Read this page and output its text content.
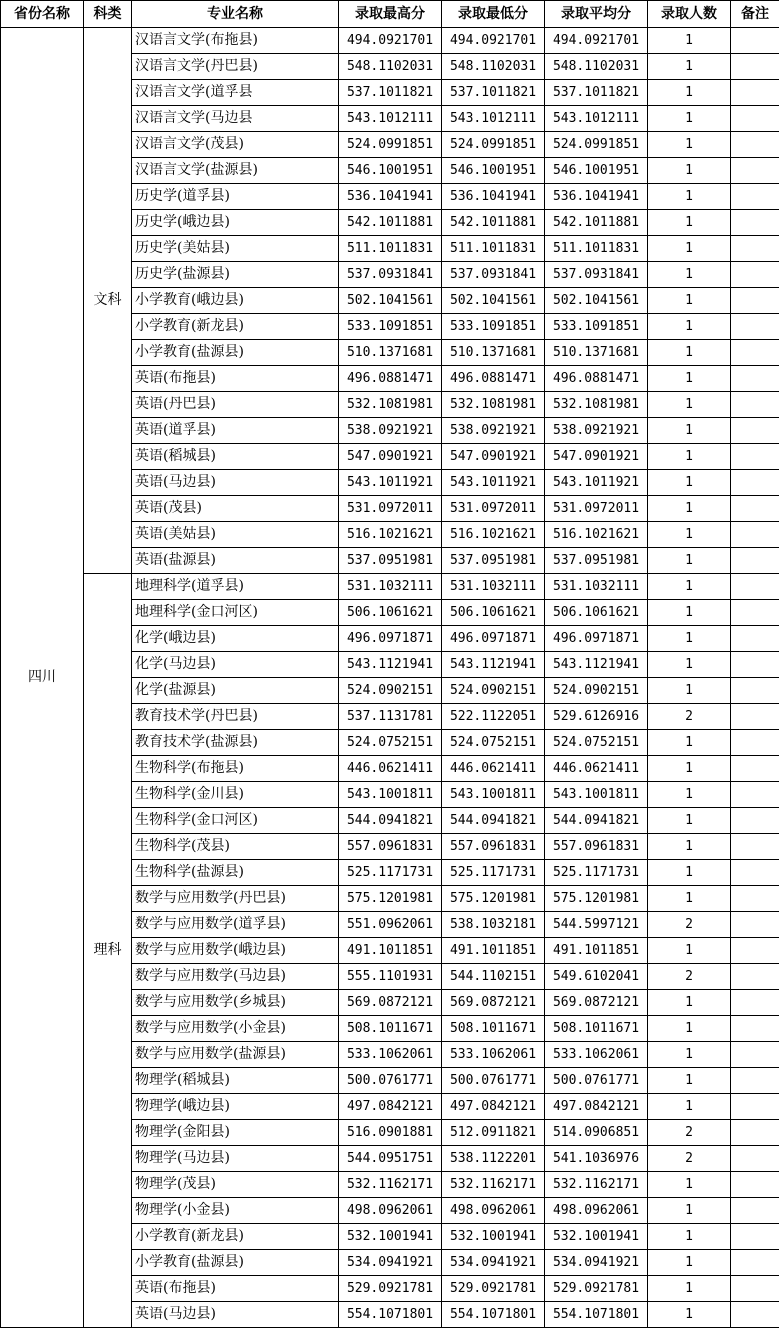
省份名称	科类	专业名称	录取最高分	录取最低分	录取平均分	录取人数	备注
四川	文科	汉语言文学(布拖县)	494.0921701	494.0921701	494.0921701	1	
		汉语言文学(丹巴县)	548.1102031	548.1102031	548.1102031	1	
		汉语言文学(道孚县	537.1011821	537.1011821	537.1011821	1	
		汉语言文学(马边县	543.1012111	543.1012111	543.1012111	1	
		汉语言文学(茂县)	524.0991851	524.0991851	524.0991851	1	
		汉语言文学(盐源县)	546.1001951	546.1001951	546.1001951	1	
		历史学(道孚县)	536.1041941	536.1041941	536.1041941	1	
		历史学(峨边县)	542.1011881	542.1011881	542.1011881	1	
		历史学(美姑县)	511.1011831	511.1011831	511.1011831	1	
		历史学(盐源县)	537.0931841	537.0931841	537.0931841	1	
		小学教育(峨边县)	502.1041561	502.1041561	502.1041561	1	
		小学教育(新龙县)	533.1091851	533.1091851	533.1091851	1	
		小学教育(盐源县)	510.1371681	510.1371681	510.1371681	1	
		英语(布拖县)	496.0881471	496.0881471	496.0881471	1	
		英语(丹巴县)	532.1081981	532.1081981	532.1081981	1	
		英语(道孚县)	538.0921921	538.0921921	538.0921921	1	
		英语(稻城县)	547.0901921	547.0901921	547.0901921	1	
		英语(马边县)	543.1011921	543.1011921	543.1011921	1	
		英语(茂县)	531.0972011	531.0972011	531.0972011	1	
		英语(美姑县)	516.1021621	516.1021621	516.1021621	1	
		英语(盐源县)	537.0951981	537.0951981	537.0951981	1	
	理科	地理科学(道孚县)	531.1032111	531.1032111	531.1032111	1	
		地理科学(金口河区)	506.1061621	506.1061621	506.1061621	1	
		化学(峨边县)	496.0971871	496.0971871	496.0971871	1	
		化学(马边县)	543.1121941	543.1121941	543.1121941	1	
		化学(盐源县)	524.0902151	524.0902151	524.0902151	1	
		教育技术学(丹巴县)	537.1131781	522.1122051	529.6126916	2	
		教育技术学(盐源县)	524.0752151	524.0752151	524.0752151	1	
		生物科学(布拖县)	446.0621411	446.0621411	446.0621411	1	
		生物科学(金川县)	543.1001811	543.1001811	543.1001811	1	
		生物科学(金口河区)	544.0941821	544.0941821	544.0941821	1	
		生物科学(茂县)	557.0961831	557.0961831	557.0961831	1	
		生物科学(盐源县)	525.1171731	525.1171731	525.1171731	1	
		数学与应用数学(丹巴县)	575.1201981	575.1201981	575.1201981	1	
		数学与应用数学(道孚县)	551.0962061	538.1032181	544.5997121	2	
		数学与应用数学(峨边县)	491.1011851	491.1011851	491.1011851	1	
		数学与应用数学(马边县)	555.1101931	544.1102151	549.6102041	2	
		数学与应用数学(乡城县)	569.0872121	569.0872121	569.0872121	1	
		数学与应用数学(小金县)	508.1011671	508.1011671	508.1011671	1	
		数学与应用数学(盐源县)	533.1062061	533.1062061	533.1062061	1	
		物理学(稻城县)	500.0761771	500.0761771	500.0761771	1	
		物理学(峨边县)	497.0842121	497.0842121	497.0842121	1	
		物理学(金阳县)	516.0901881	512.0911821	514.0906851	2	
		物理学(马边县)	544.0951751	538.1122201	541.1036976	2	
		物理学(茂县)	532.1162171	532.1162171	532.1162171	1	
		物理学(小金县)	498.0962061	498.0962061	498.0962061	1	
		小学教育(新龙县)	532.1001941	532.1001941	532.1001941	1	
		小学教育(盐源县)	534.0941921	534.0941921	534.0941921	1	
		英语(布拖县)	529.0921781	529.0921781	529.0921781	1	
		英语(马边县)	554.1071801	554.1071801	554.1071801	1	
